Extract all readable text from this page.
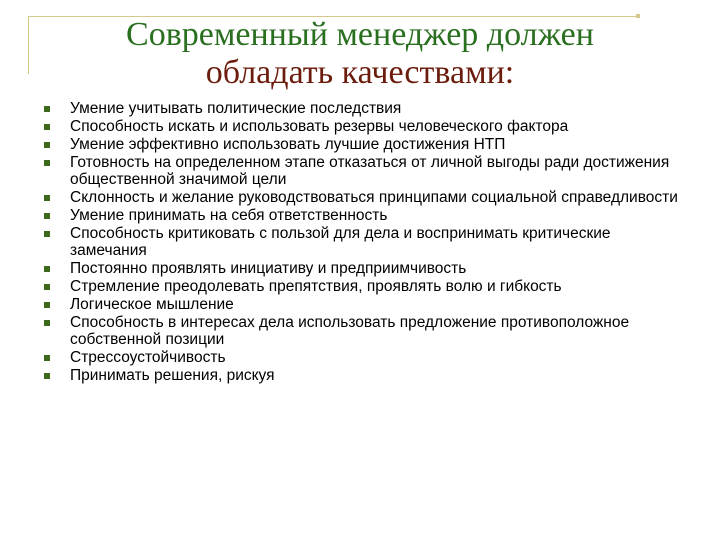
Современный менеджер должен
обладать качествами:
Умение учитывать политические последствия
Способность искать и использовать резервы человеческого фактора
Умение эффективно использовать лучшие достижения НТП
Готовность на определенном этапе отказаться от личной выгоды ради достижения общественной значимой цели
Склонность и желание руководствоваться принципами социальной справедливости
Умение принимать на себя ответственность
Способность критиковать с пользой для дела и воспринимать критические замечания
Постоянно проявлять инициативу и предприимчивость
Стремление преодолевать препятствия, проявлять волю и гибкость
Логическое мышление
Способность в интересах дела использовать предложение противоположное собственной позиции
Стрессоустойчивость
Принимать решения, рискуя
